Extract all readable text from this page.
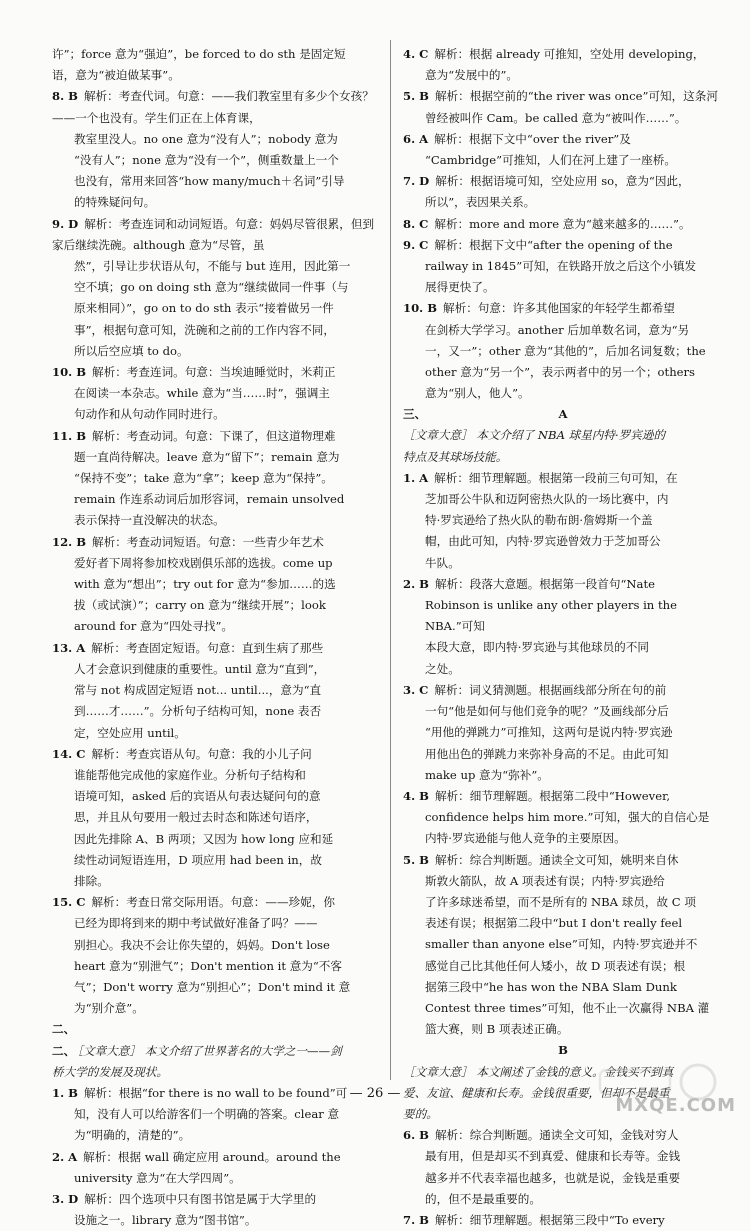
许”；force 意为“强迫”，be forced to do sth 是固定短
语，意为“被迫做某事”。
8. B 解析：考查代词。句意：——我们教室里有多少个女孩？——一个也没有。学生们正在上体育课，
教室里没人。no one 意为“没有人”；nobody 意为
“没有人”；none 意为“没有一个”，侧重数量上一个
也没有，常用来回答“how many/much＋名词”引导
的特殊疑问句。
9. D 解析：考查连词和动词短语。句意：妈妈尽管很累，但到家后继续洗碗。although 意为“尽管，虽
然”，引导让步状语从句，不能与 but 连用，因此第一
空不填；go on doing sth 意为“继续做同一件事（与
原来相同）”，go on to do sth 表示“接着做另一件
事”，根据句意可知，洗碗和之前的工作内容不同，
所以后空应填 to do。
10. B 解析：考查连词。句意：当埃迪睡觉时，米莉正
在阅读一本杂志。while 意为“当……时”，强调主
句动作和从句动作同时进行。
11. B 解析：考查动词。句意：下课了，但这道物理难
题一直尚待解决。leave 意为“留下”；remain 意为
“保持不变”；take 意为“拿”；keep 意为“保持”。
remain 作连系动词后加形容词，remain unsolved
表示保持一直没解决的状态。
12. B 解析：考查动词短语。句意：一些青少年艺术
爱好者下周将参加校戏剧俱乐部的选拔。come up
with 意为“想出”；try out for 意为“参加……的选
拔（或试演）”；carry on 意为“继续开展”；look
around for 意为“四处寻找”。
13. A 解析：考查固定短语。句意：直到生病了那些
人才会意识到健康的重要性。until 意为“直到”，
常与 not 构成固定短语 not... until...，意为“直
到……才……”。分析句子结构可知，none 表否
定，空处应用 until。
14. C 解析：考查宾语从句。句意：我的小儿子问
谁能帮他完成他的家庭作业。分析句子结构和
语境可知，asked 后的宾语从句表达疑问句的意
思，并且从句要用一般过去时态和陈述句语序，
因此先排除 A、B 两项；又因为 how long 应和延
续性动词短语连用，D 项应用 had been in，故
排除。
15. C 解析：考查日常交际用语。句意：——珍妮，你
已经为即将到来的期中考试做好准备了吗？——
别担心。我决不会让你失望的，妈妈。Don't lose
heart 意为“别泄气”；Don't mention it 意为“不客
气”；Don't worry 意为“别担心”；Don't mind it 意
为“别介意”。
二、
二、 ［文章大意］ 本文介绍了世界著名的大学之一——剑
桥大学的发展及现状。
1. B 解析：根据“for there is no wall to be found”可
知，没有人可以给游客们一个明确的答案。clear 意
为“明确的，清楚的”。
2. A 解析：根据 wall 确定应用 around。around the
university 意为“在大学四周”。
3. D 解析：四个选项中只有图书馆是属于大学里的
设施之一。library 意为“图书馆”。
4. C 解析：根据 already 可推知，空处用 developing，
意为“发展中的”。
5. B 解析：根据空前的“the river was once”可知，这条河
曾经被叫作 Cam。be called 意为“被叫作……”。
6. A 解析：根据下文中“over the river”及
“Cambridge”可推知，人们在河上建了一座桥。
7. D 解析：根据语境可知，空处应用 so，意为“因此，
所以”，表因果关系。
8. C 解析：more and more 意为“越来越多的……”。
9. C 解析：根据下文中“after the opening of the
railway in 1845”可知，在铁路开放之后这个小镇发
展得更快了。
10. B 解析：句意：许多其他国家的年轻学生都希望
在剑桥大学学习。another 后加单数名词，意为“另
一，又一”；other 意为“其他的”，后加名词复数；the
other 意为“另一个”，表示两者中的另一个；others
意为“别人，他人”。
三、	A
［文章大意］ 本文介绍了 NBA 球星内特·罗宾逊的
特点及其球场技能。
1. A 解析：细节理解题。根据第一段前三句可知，在
芝加哥公牛队和迈阿密热火队的一场比赛中，内
特·罗宾逊给了热火队的勒布朗·詹姆斯一个盖
帽，由此可知，内特·罗宾逊曾效力于芝加哥公
牛队。
2. B 解析：段落大意题。根据第一段首句“Nate
Robinson is unlike any other players in the NBA.”可知
本段大意，即内特·罗宾逊与其他球员的不同
之处。
3. C 解析：词义猜测题。根据画线部分所在句的前
一句“他是如何与他们竞争的呢？”及画线部分后
“用他的弹跳力”可推知，这两句是说内特·罗宾逊
用他出色的弹跳力来弥补身高的不足。由此可知
make up 意为“弥补”。
4. B 解析：细节理解题。根据第二段中“However,
confidence helps him more.”可知，强大的自信心是
内特·罗宾逊能与他人竞争的主要原因。
5. B 解析：综合判断题。通读全文可知，姚明来自休
斯敦火箭队，故 A 项表述有误；内特·罗宾逊给
了许多球迷希望，而不是所有的 NBA 球员，故 C 项
表述有误；根据第二段中“but I don't really feel
smaller than anyone else”可知，内特·罗宾逊并不
感觉自己比其他任何人矮小，故 D 项表述有误；根
据第三段中“he has won the NBA Slam Dunk
Contest three times”可知，他不止一次赢得 NBA 灌
篮大赛，则 B 项表述正确。
B
［文章大意］ 本文阐述了金钱的意义。金钱买不到真
爱、友谊、健康和长寿。金钱很重要，但却不是最重
要的。
6. B 解析：综合判断题。通读全文可知，金钱对穷人
最有用，但是却买不到真爱、健康和长寿等。金钱
越多并不代表幸福也越多，也就是说，金钱是重要
的，但不是最重要的。
7. B 解析：细节理解题。根据第三段中“To every
— 26 —
MXQE.COM
